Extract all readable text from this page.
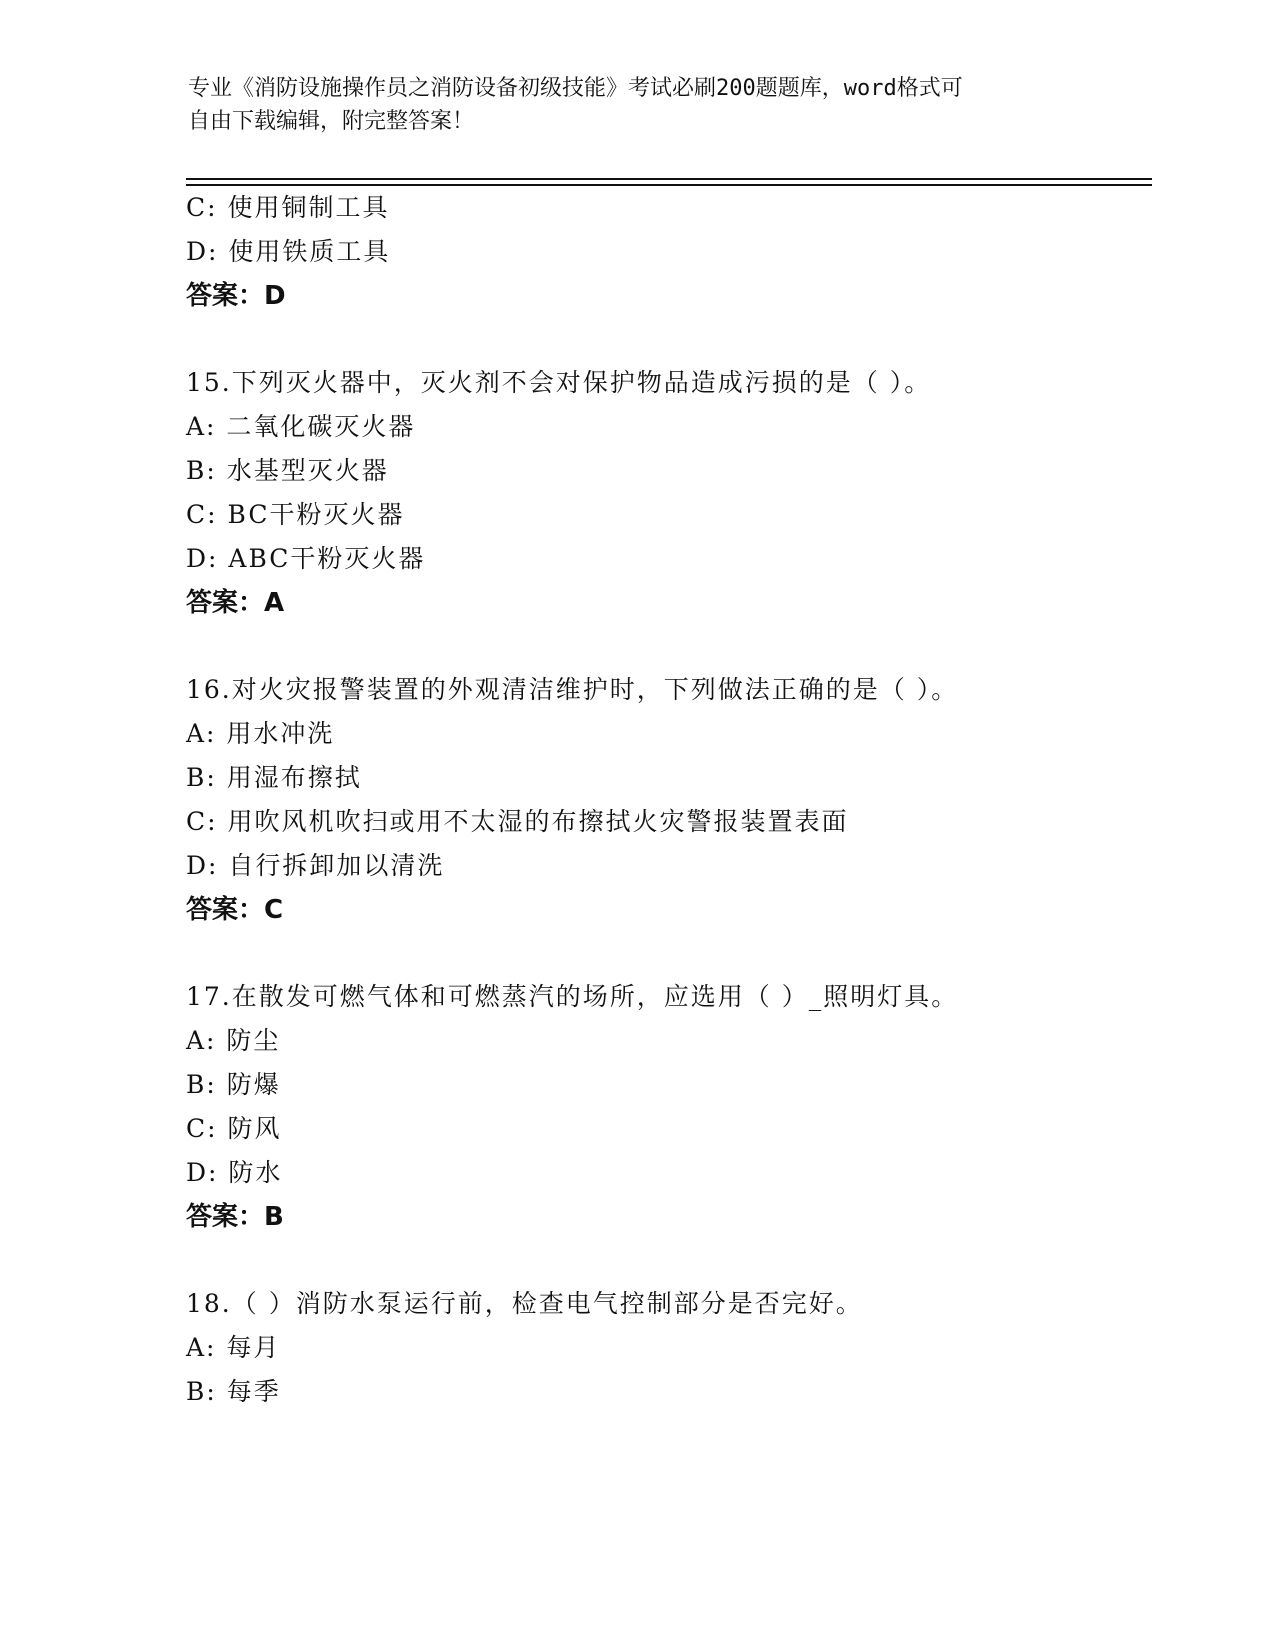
专业《消防设施操作员之消防设备初级技能》考试必刷200题题库，word格式可
自由下载编辑，附完整答案！
C: 使用铜制工具
D: 使用铁质工具
答案：D
15.下列灭火器中，灭火剂不会对保护物品造成污损的是（ ）。
A: 二氧化碳灭火器
B: 水基型灭火器
C: BC干粉灭火器
D: ABC干粉灭火器
答案：A
16.对火灾报警装置的外观清洁维护时，下列做法正确的是（ ）。
A: 用水冲洗
B: 用湿布擦拭
C: 用吹风机吹扫或用不太湿的布擦拭火灾警报装置表面
D: 自行拆卸加以清洗
答案：C
17.在散发可燃气体和可燃蒸汽的场所，应选用（ ）_照明灯具。
A: 防尘
B: 防爆
C: 防风
D: 防水
答案：B
18.（ ）消防水泵运行前，检查电气控制部分是否完好。
A: 每月
B: 每季
